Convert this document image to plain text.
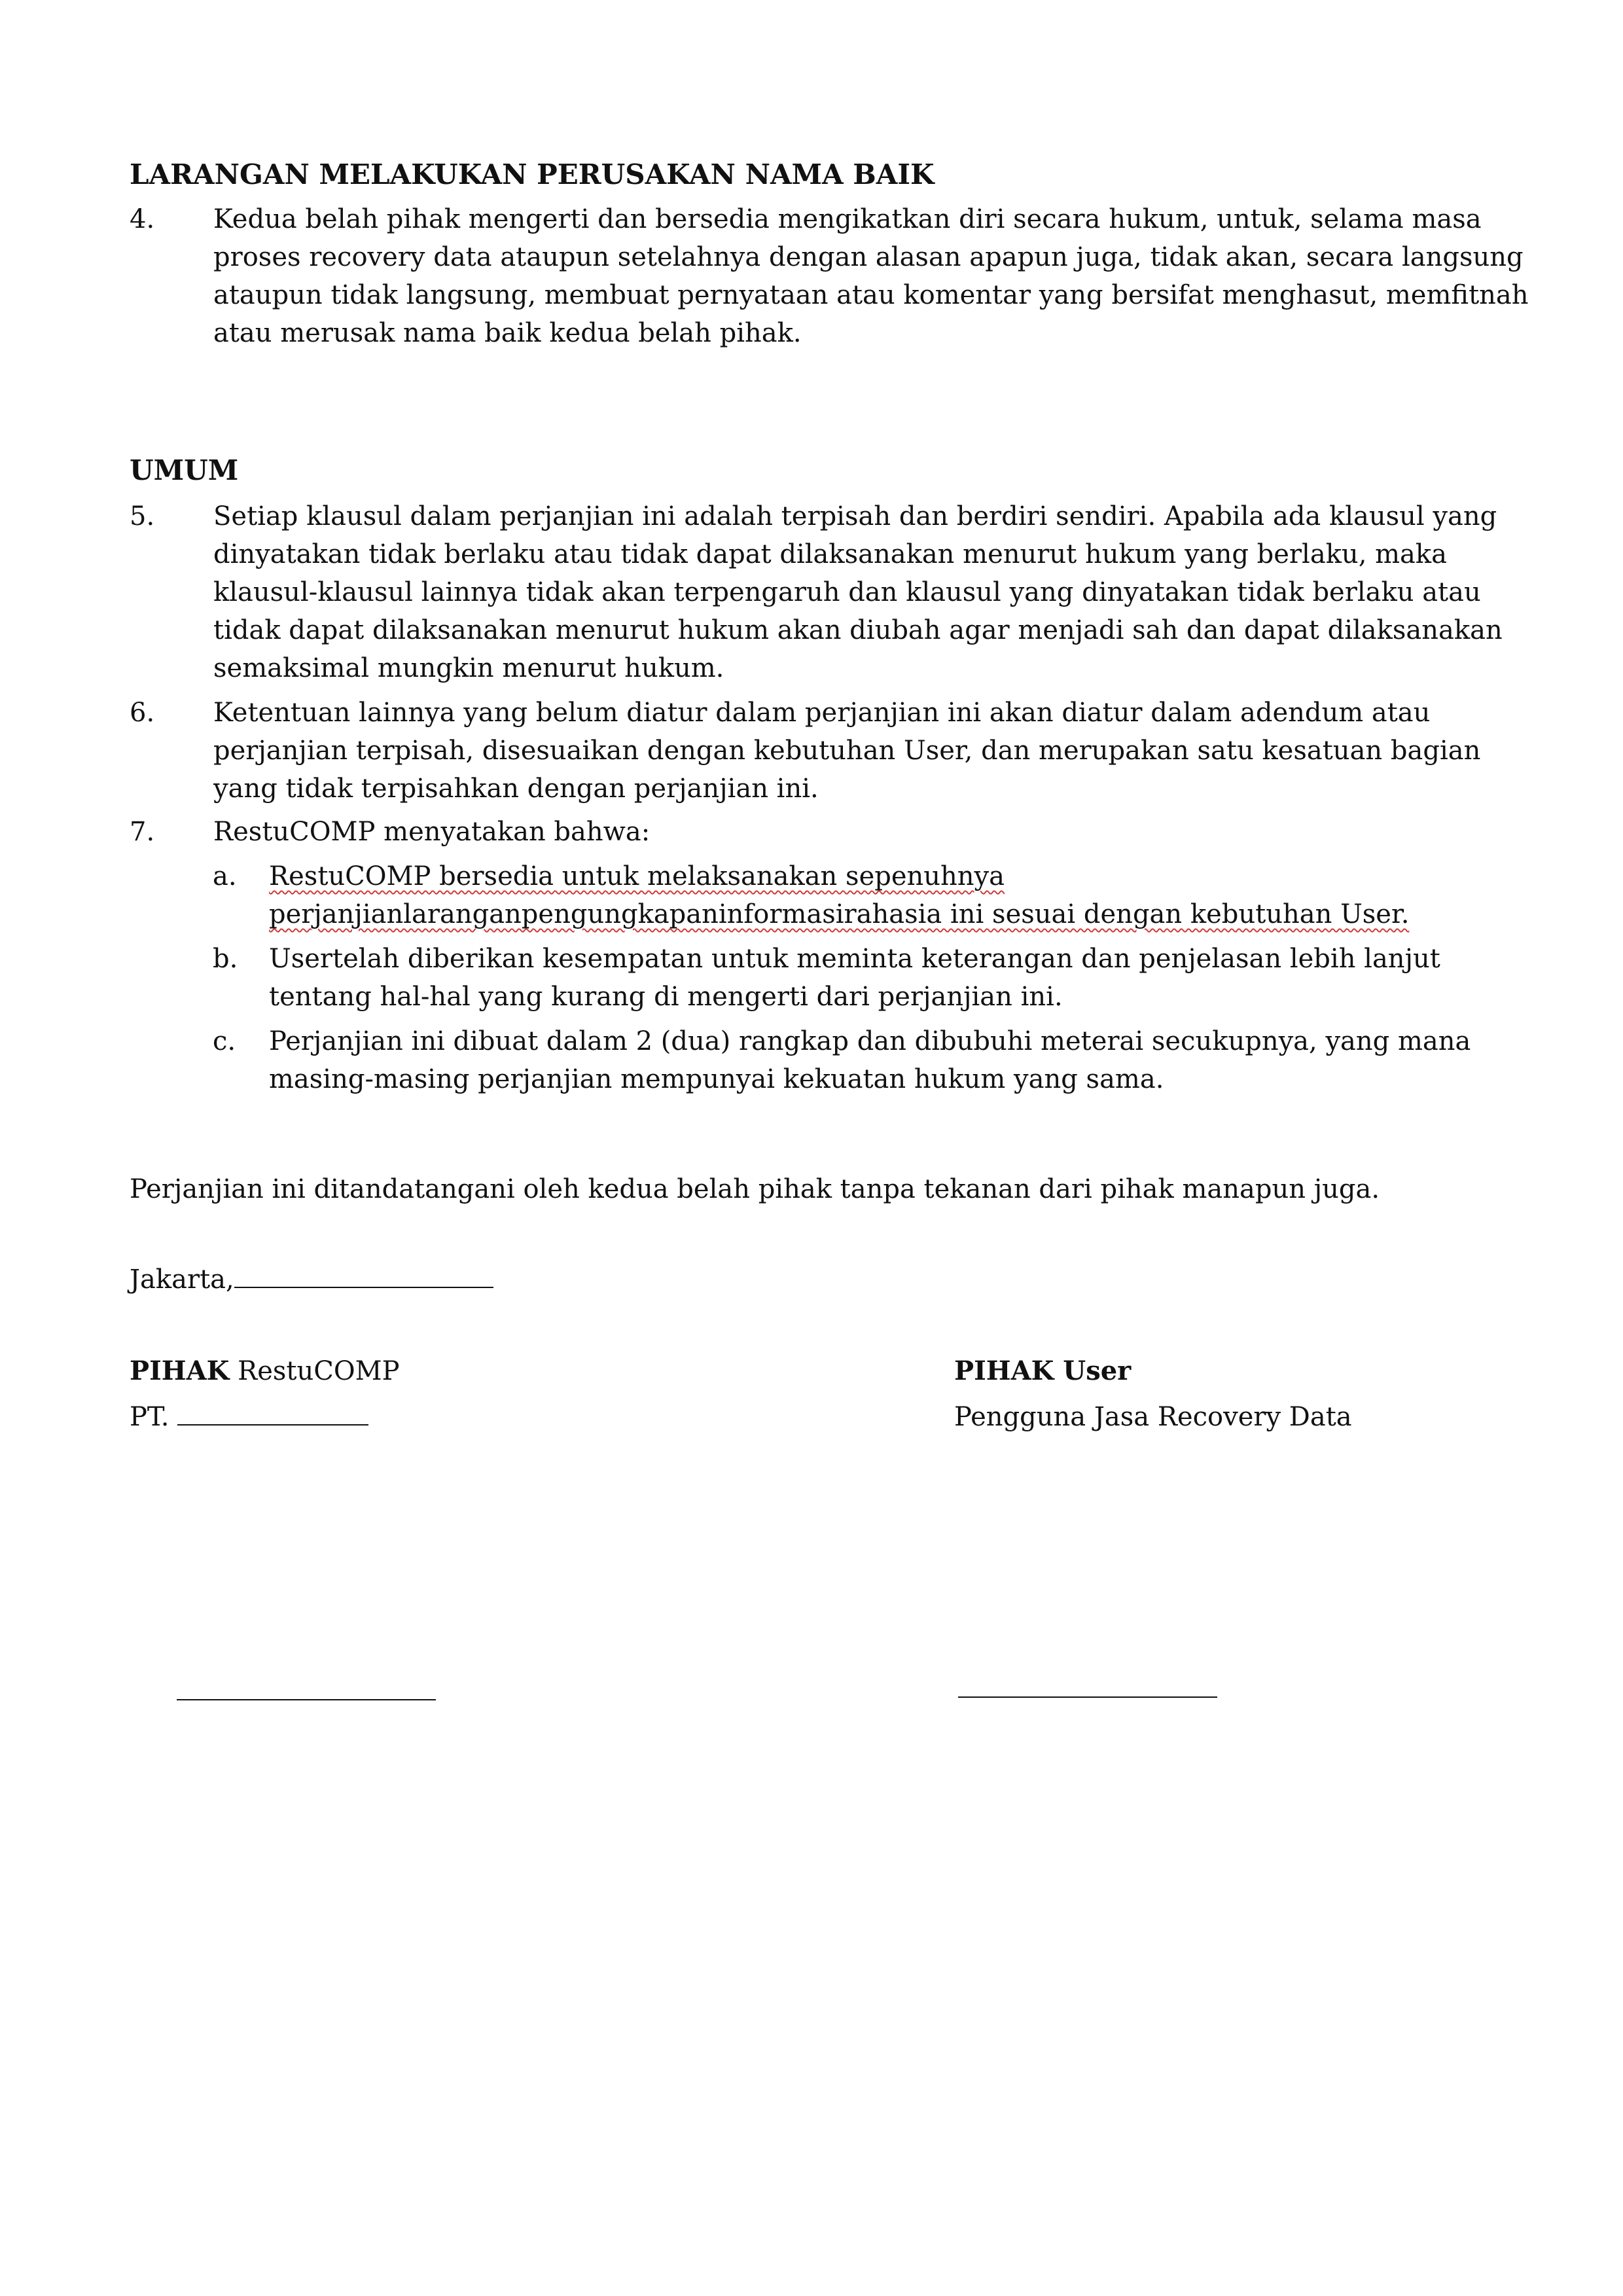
LARANGAN MELAKUKAN PERUSAKAN NAMA BAIK
4. Kedua belah pihak mengerti dan bersedia mengikatkan diri secara hukum, untuk, selama masa
proses recovery data ataupun setelahnya dengan alasan apapun juga, tidak akan, secara langsung
ataupun tidak langsung, membuat pernyataan atau komentar yang bersifat menghasut, memfitnah
atau merusak nama baik kedua belah pihak.
UMUM
5. Setiap klausul dalam perjanjian ini adalah terpisah dan berdiri sendiri. Apabila ada klausul yang
dinyatakan tidak berlaku atau tidak dapat dilaksanakan menurut hukum yang berlaku, maka
klausul-klausul lainnya tidak akan terpengaruh dan klausul yang dinyatakan tidak berlaku atau
tidak dapat dilaksanakan menurut hukum akan diubah agar menjadi sah dan dapat dilaksanakan
semaksimal mungkin menurut hukum.
6. Ketentuan lainnya yang belum diatur dalam perjanjian ini akan diatur dalam adendum atau
perjanjian terpisah, disesuaikan dengan kebutuhan User, dan merupakan satu kesatuan bagian
yang tidak terpisahkan dengan perjanjian ini.
7. RestuCOMP menyatakan bahwa:
a. RestuCOMP bersedia untuk melaksanakan sepenuhnya
perjanjianlaranganpengungkapaninformasirahasia ini sesuai dengan kebutuhan User.
b. Usertelah diberikan kesempatan untuk meminta keterangan dan penjelasan lebih lanjut
tentang hal-hal yang kurang di mengerti dari perjanjian ini.
c. Perjanjian ini dibuat dalam 2 (dua) rangkap dan dibubuhi meterai secukupnya, yang mana
masing-masing perjanjian mempunyai kekuatan hukum yang sama.
Perjanjian ini ditandatangani oleh kedua belah pihak tanpa tekanan dari pihak manapun juga.
Jakarta,
PIHAK RestuCOMP
PT.
PIHAK User
Pengguna Jasa Recovery Data
